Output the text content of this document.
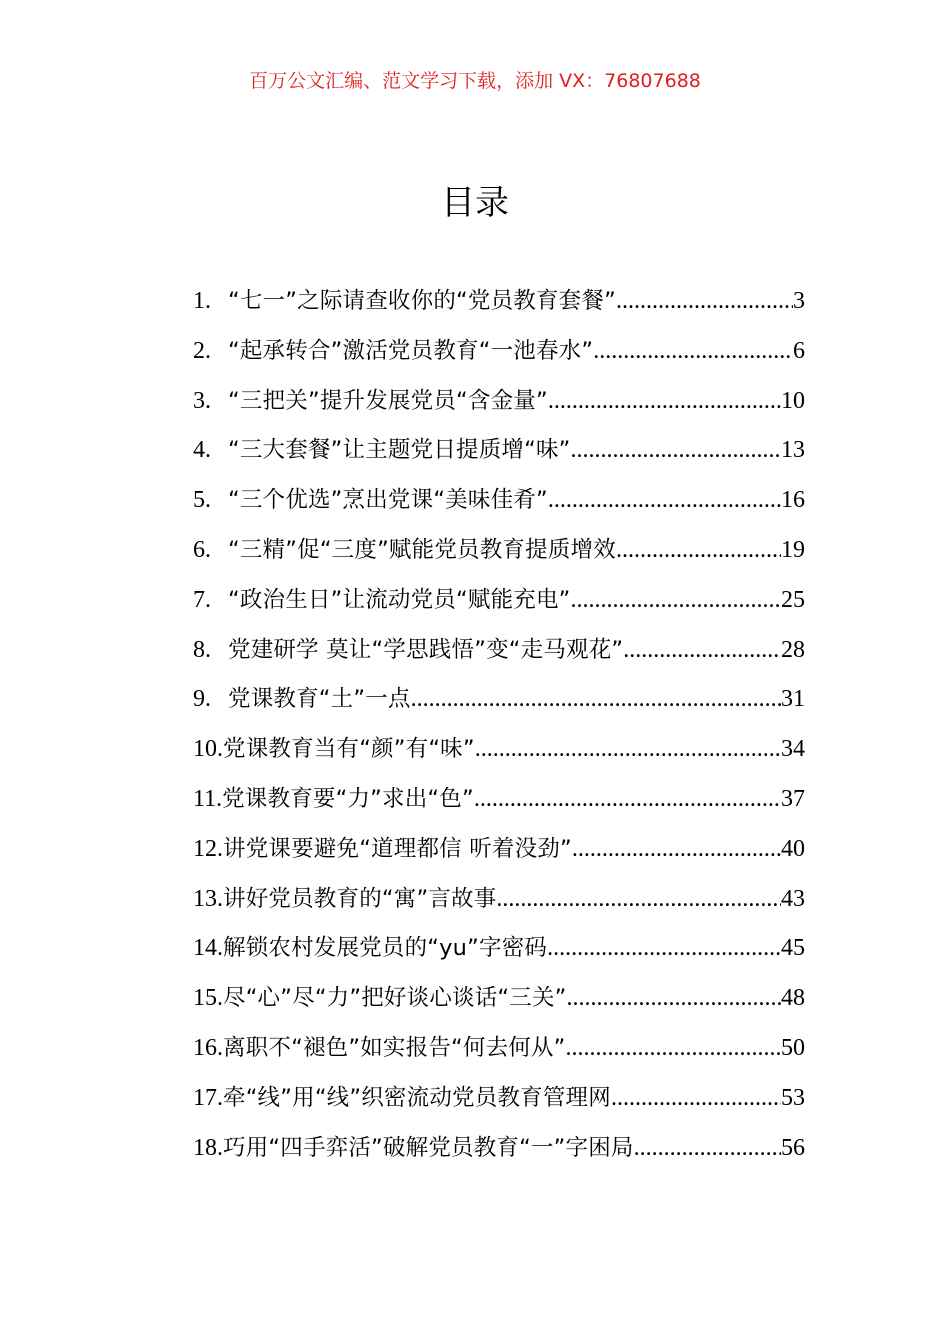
百万公文汇编、范文学习下载，添加 VX：76807688
目录
1. “七一”之际请查收你的“党员教育套餐” .....	3
2. “起承转合”激活党员教育“一池春水” .....	6
3. “三把关”提升发展党员“含金量” .....	10
4. “三大套餐”让主题党日提质增“味” .....	13
5. “三个优选”烹出党课“美味佳肴” .....	16
6. “三精”促“三度”赋能党员教育提质增效 .....	19
7. “政治生日”让流动党员“赋能充电” .....	25
8. 党建研学 莫让“学思践悟”变“走马观花” .....	28
9. 党课教育“土”一点 .....	31
10. 党课教育当有“颜”有“味” .....	34
11. 党课教育要“力”求出“色” .....	37
12. 讲党课要避免“道理都信 听着没劲” .....	40
13. 讲好党员教育的“寓”言故事 .....	43
14. 解锁农村发展党员的“yu”字密码 .....	45
15. 尽“心”尽“力”把好谈心谈话“三关” .....	48
16. 离职不“褪色”如实报告“何去何从” .....	50
17. 牵“线”用“线”织密流动党员教育管理网 .....	53
18. 巧用“四手弈活”破解党员教育“一”字困局 .....	56
